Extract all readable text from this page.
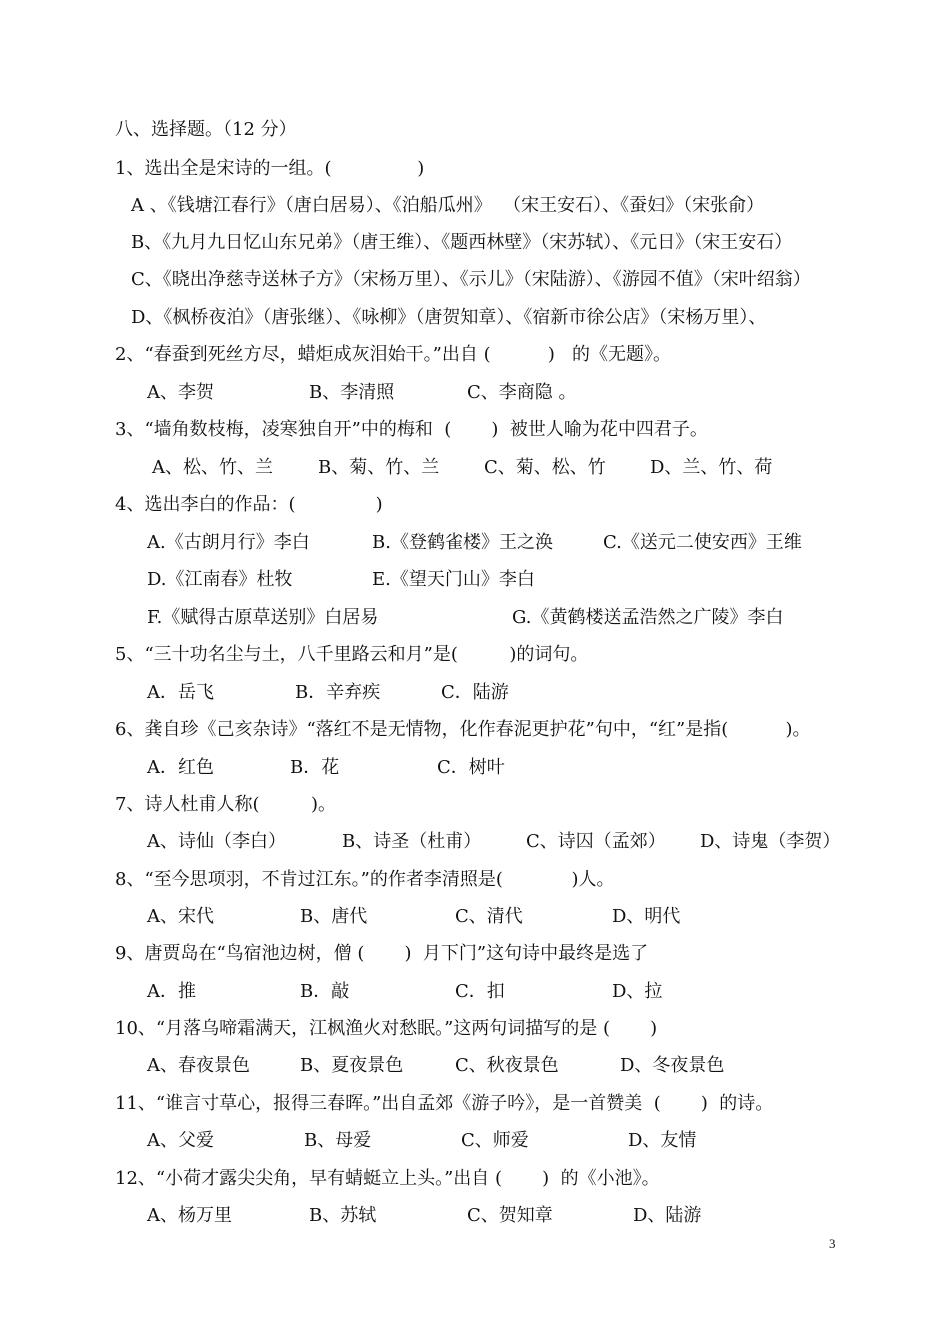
八、选择题。（12 分）
1、选出全是宋诗的一组。(               )
A 、《钱塘江春行》（唐白居易）、《泊船瓜州》  （宋王安石）、《蚕妇》（宋张俞）
B、《九月九日忆山东兄弟》（唐王维）、《题西林壁》（宋苏轼）、《元日》（宋王安石）
C、《晓出净慈寺送林子方》（宋杨万里）、《示儿》（宋陆游）、《游园不值》（宋叶绍翁）
D、《枫桥夜泊》（唐张继）、《咏柳》（唐贺知章）、《宿新市徐公店》（宋杨万里）、
2、“春蚕到死丝方尽，蜡炬成灰泪始干。”出自 (          )   的《无题》。
A、李贺	B、李清照	C、李商隐 。
3、“墙角数枝梅，凌寒独自开”中的梅和  (       )  被世人喻为花中四君子。
A、松、竹、兰	B、菊、竹、兰 C、菊、松、竹 D、兰、竹、荷
4、选出李白的作品：(              )
A.《古朗月行》李白	B.《登鹤雀楼》王之涣	C.《送元二使安西》王维
D.《江南春》杜牧	E.《望天门山》李白
F.《赋得古原草送别》白居易	G.《黄鹤楼送孟浩然之广陵》李白
5、“三十功名尘与土，八千里路云和月”是(         )的词句。
A．岳飞	B．辛弃疾	C．陆游
6、龚自珍《己亥杂诗》“落红不是无情物，化作春泥更护花”句中，“红”是指(          )。
A．红色	B．花	C．树叶
7、诗人杜甫人称(         )。
A、诗仙（李白）	B、诗圣（杜甫） C、诗囚（孟郊） D、诗鬼（李贺）
8、“至今思项羽，不肯过江东。”的作者李清照是(            )人。
A、宋代	B、唐代	C、清代	D、明代
9、唐贾岛在“鸟宿池边树，僧 (       )  月下门”这句诗中最终是选了
A．推	B．敲	C．扣	D、拉
10、“月落乌啼霜满天，江枫渔火对愁眠。”这两句词描写的是 (       )
A、春夜景色	B、夏夜景色	C、秋夜景色	D、冬夜景色
11、“谁言寸草心，报得三春晖。”出自孟郊《游子吟》，是一首赞美  (       )  的诗。
A、父爱	B、母爱	C、师爱	D、友情
12、“小荷才露尖尖角，早有蜻蜓立上头。”出自 (       )  的《小池》。
A、杨万里	B、苏轼	C、贺知章	D、陆游
3
